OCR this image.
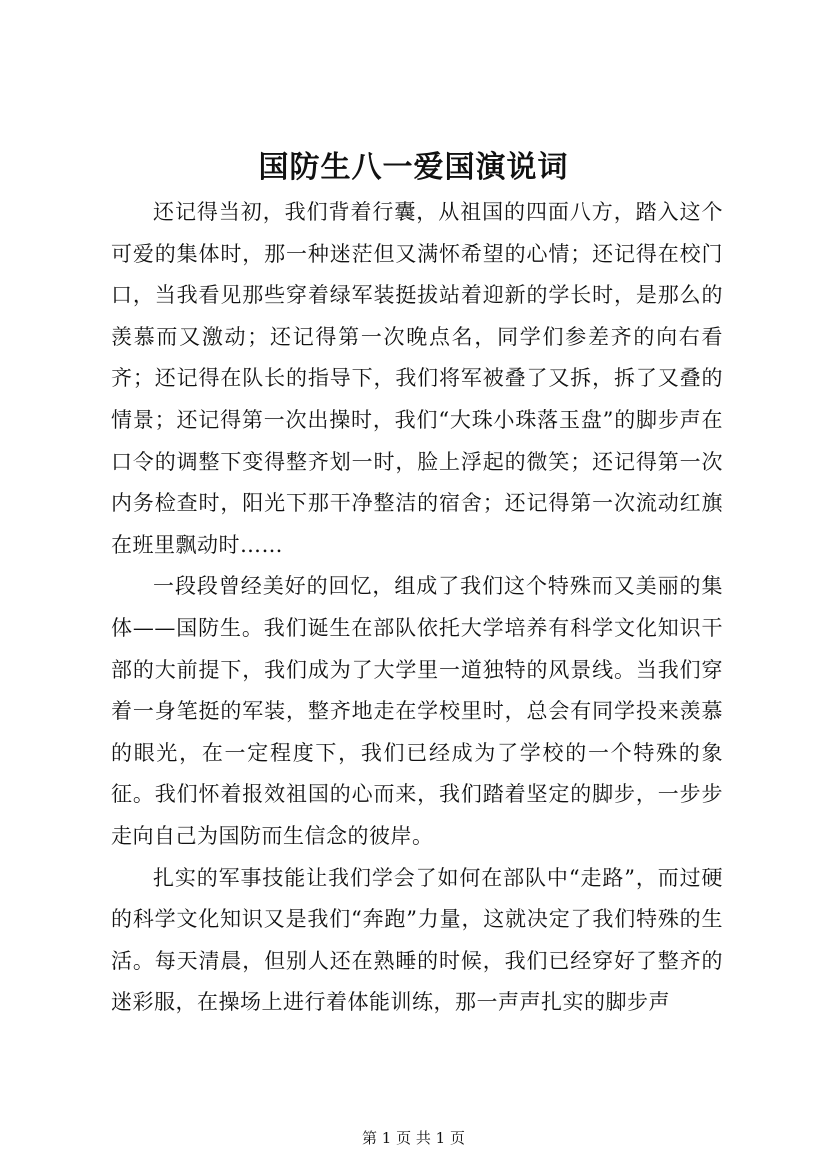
国防生八一爱国演说词

还记得当初，我们背着行囊，从祖国的四面八方，踏入这个可爱的集体时，那一种迷茫但又满怀希望的心情；还记得在校门口，当我看见那些穿着绿军装挺拔站着迎新的学长时，是那么的羡慕而又激动；还记得第一次晚点名，同学们参差齐的向右看齐；还记得在队长的指导下，我们将军被叠了又拆，拆了又叠的情景；还记得第一次出操时，我们“大珠小珠落玉盘”的脚步声在口令的调整下变得整齐划一时，脸上浮起的微笑；还记得第一次内务检查时，阳光下那干净整洁的宿舍；还记得第一次流动红旗在班里飘动时……

一段段曾经美好的回忆，组成了我们这个特殊而又美丽的集体——国防生。我们诞生在部队依托大学培养有科学文化知识干部的大前提下，我们成为了大学里一道独特的风景线。当我们穿着一身笔挺的军装，整齐地走在学校里时，总会有同学投来羡慕的眼光，在一定程度下，我们已经成为了学校的一个特殊的象征。我们怀着报效祖国的心而来，我们踏着坚定的脚步，一步步走向自己为国防而生信念的彼岸。

扎实的军事技能让我们学会了如何在部队中“走路”，而过硬的科学文化知识又是我们“奔跑”力量，这就决定了我们特殊的生活。每天清晨，但别人还在熟睡的时候，我们已经穿好了整齐的迷彩服，在操场上进行着体能训练，那一声声扎实的脚步声

第 1 页 共 1 页
